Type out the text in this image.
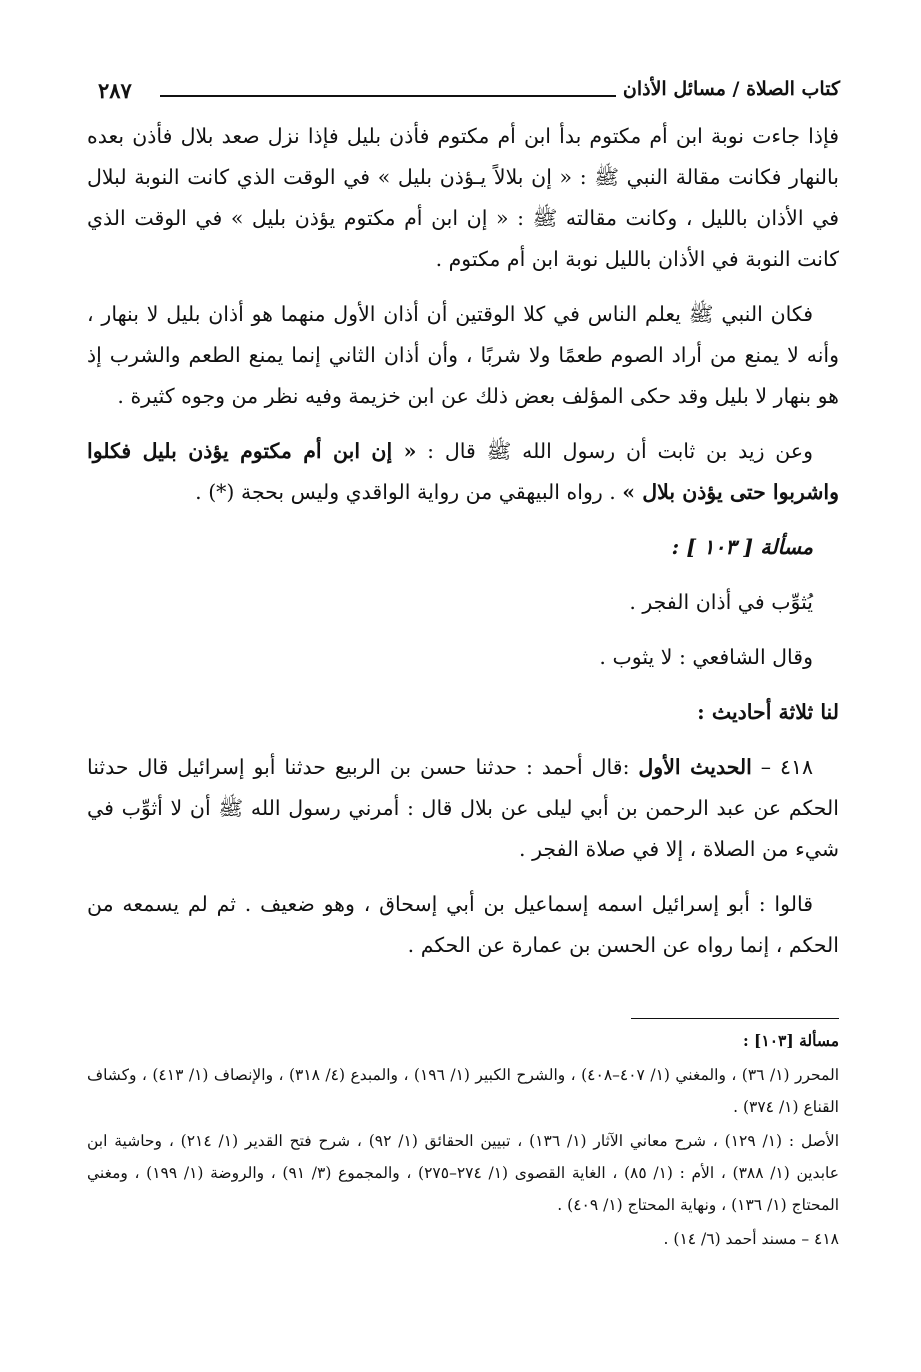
كتاب الصلاة / مسائل الأذان
٢٨٧

فإذا جاءت نوبة ابن أم مكتوم بدأ ابن أم مكتوم فأذن بليل فإذا نزل صعد بلال فأذن بعده بالنهار فكانت مقالة النبي ﷺ : « إن بلالاً يـؤذن بليل » في الوقت الذي كانت النوبة لبلال في الأذان بالليل ، وكانت مقالته ﷺ : « إن ابن أم مكتوم يؤذن بليل » في الوقت الذي كانت النوبة في الأذان بالليل نوبة ابن أم مكتوم .

فكان النبي ﷺ يعلم الناس في كلا الوقتين أن أذان الأول منهما هو أذان بليل لا بنهار ، وأنه لا يمنع من أراد الصوم طعمًا ولا شربًا ، وأن أذان الثاني إنما يمنع الطعم والشرب إذ هو بنهار لا بليل وقد حكى المؤلف بعض ذلك عن ابن خزيمة وفيه نظر من وجوه كثيرة .

وعن زيد بن ثابت أن رسول الله ﷺ قال : « إن ابن أم مكتوم يؤذن بليل فكلوا واشربوا حتى يؤذن بلال » . رواه البيهقي من رواية الواقدي وليس بحجة (*) .

مسألة [ ١٠٣ ] :

يُثوِّب في أذان الفجر .

وقال الشافعي : لا يثوب .

لنا ثلاثة أحاديث :

٤١٨ – الحديث الأول :قال أحمد : حدثنا حسن بن الربيع حدثنا أبو إسرائيل قال حدثنا الحكم عن عبد الرحمن بن أبي ليلى عن بلال قال : أمرني رسول الله ﷺ أن لا أثوِّب في شيء من الصلاة ، إلا في صلاة الفجر .

قالوا : أبو إسرائيل اسمه إسماعيل بن أبي إسحاق ، وهو ضعيف . ثم لم يسمعه من الحكم ، إنما رواه عن الحسن بن عمارة عن الحكم .

مسألة [١٠٣] :

المحرر (١/ ٣٦) ، والمغني (١/ ٤٠٧–٤٠٨) ، والشرح الكبير (١/ ١٩٦) ، والمبدع (٤/ ٣١٨) ، والإنصاف (١/ ٤١٣) ، وكشاف القناع (١/ ٣٧٤) .

الأصل : (١/ ١٢٩) ، شرح معاني الآثار (١/ ١٣٦) ، تبيين الحقائق (١/ ٩٢) ، شرح فتح القدير (١/ ٢١٤) ، وحاشية ابن عابدين (١/ ٣٨٨) ، الأم : (١/ ٨٥) ، الغاية القصوى (١/ ٢٧٤–٢٧٥) ، والمجموع (٣/ ٩١) ، والروضة (١/ ١٩٩) ، ومغني المحتاج (١/ ١٣٦) ، ونهاية المحتاج (١/ ٤٠٩) .

٤١٨ – مسند أحمد (٦/ ١٤) .
